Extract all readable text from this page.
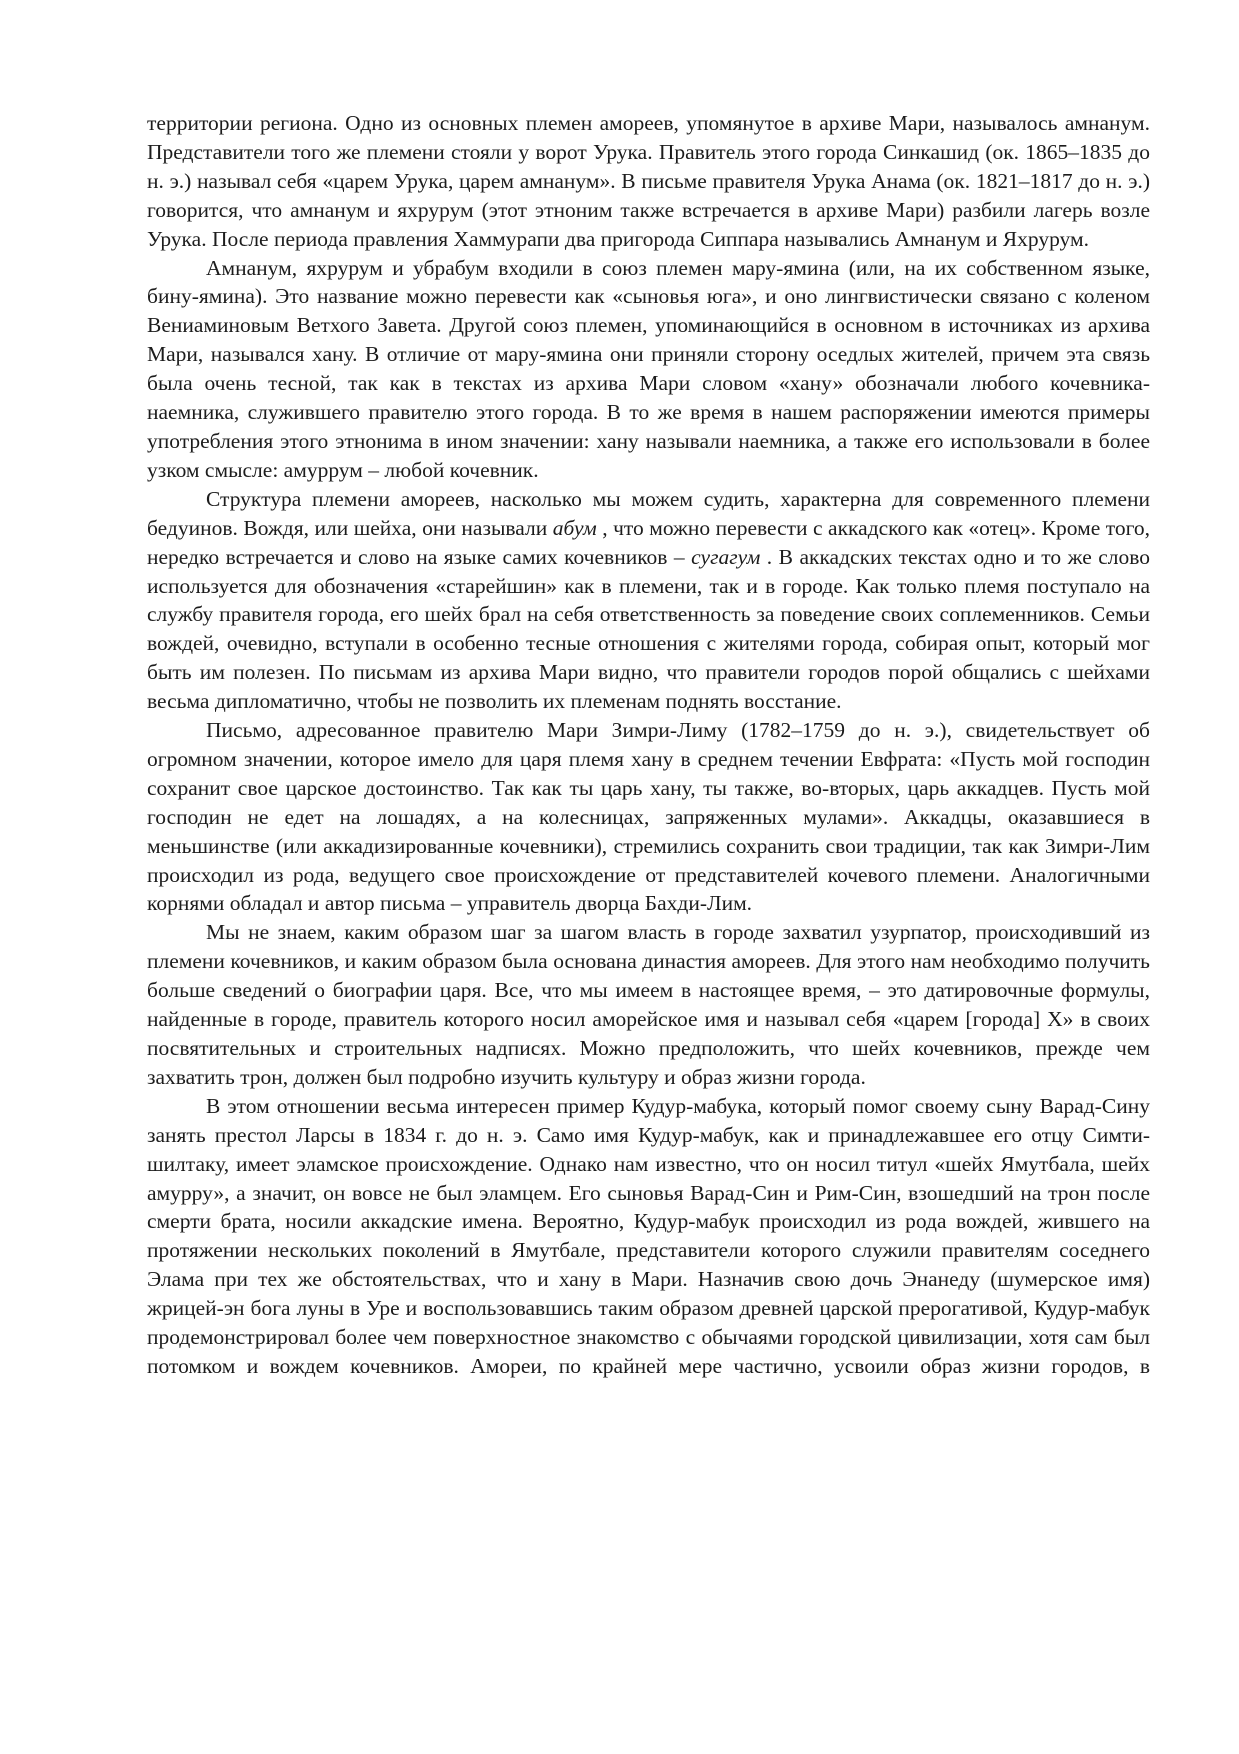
территории региона. Одно из основных племен амореев, упомянутое в архиве Мари, называлось амнанум. Представители того же племени стояли у ворот Урука. Правитель этого города Синкашид (ок. 1865–1835 до н. э.) называл себя «царем Урука, царем амнанум». В письме правителя Урука Анама (ок. 1821–1817 до н. э.) говорится, что амнанум и яхрурум (этот этноним также встречается в архиве Мари) разбили лагерь возле Урука. После периода правления Хаммурапи два пригорода Сиппара назывались Амнанум и Яхрурум.

Амнанум, яхрурум и убрабум входили в союз племен мару-ямина (или, на их собственном языке, бину-ямина). Это название можно перевести как «сыновья юга», и оно лингвистически связано с коленом Вениаминовым Ветхого Завета. Другой союз племен, упоминающийся в основном в источниках из архива Мари, назывался хану. В отличие от мару-ямина они приняли сторону оседлых жителей, причем эта связь была очень тесной, так как в текстах из архива Мари словом «хану» обозначали любого кочевника-наемника, служившего правителю этого города. В то же время в нашем распоряжении имеются примеры употребления этого этнонима в ином значении: хану называли наемника, а также его использовали в более узком смысле: амуррум – любой кочевник.

Структура племени амореев, насколько мы можем судить, характерна для современного племени бедуинов. Вождя, или шейха, они называли абум , что можно перевести с аккадского как «отец». Кроме того, нередко встречается и слово на языке самих кочевников – сугагум . В аккадских текстах одно и то же слово используется для обозначения «старейшин» как в племени, так и в городе. Как только племя поступало на службу правителя города, его шейх брал на себя ответственность за поведение своих соплеменников. Семьи вождей, очевидно, вступали в особенно тесные отношения с жителями города, собирая опыт, который мог быть им полезен. По письмам из архива Мари видно, что правители городов порой общались с шейхами весьма дипломатично, чтобы не позволить их племенам поднять восстание.

Письмо, адресованное правителю Мари Зимри-Лиму (1782–1759 до н. э.), свидетельствует об огромном значении, которое имело для царя племя хану в среднем течении Евфрата: «Пусть мой господин сохранит свое царское достоинство. Так как ты царь хану, ты также, во-вторых, царь аккадцев. Пусть мой господин не едет на лошадях, а на колесницах, запряженных мулами». Аккадцы, оказавшиеся в меньшинстве (или аккадизированные кочевники), стремились сохранить свои традиции, так как Зимри-Лим происходил из рода, ведущего свое происхождение от представителей кочевого племени. Аналогичными корнями обладал и автор письма – управитель дворца Бахди-Лим.

Мы не знаем, каким образом шаг за шагом власть в городе захватил узурпатор, происходивший из племени кочевников, и каким образом была основана династия амореев. Для этого нам необходимо получить больше сведений о биографии царя. Все, что мы имеем в настоящее время, – это датировочные формулы, найденные в городе, правитель которого носил аморейское имя и называл себя «царем [города] X» в своих посвятительных и строительных надписях. Можно предположить, что шейх кочевников, прежде чем захватить трон, должен был подробно изучить культуру и образ жизни города.

В этом отношении весьма интересен пример Кудур-мабука, который помог своему сыну Варад-Сину занять престол Ларсы в 1834 г. до н. э. Само имя Кудур-мабук, как и принадлежавшее его отцу Симти-шилтаку, имеет эламское происхождение. Однако нам известно, что он носил титул «шейх Ямутбала, шейх амурру», а значит, он вовсе не был эламцем. Его сыновья Варад-Син и Рим-Син, взошедший на трон после смерти брата, носили аккадские имена. Вероятно, Кудур-мабук происходил из рода вождей, жившего на протяжении нескольких поколений в Ямутбале, представители которого служили правителям соседнего Элама при тех же обстоятельствах, что и хану в Мари. Назначив свою дочь Энанеду (шумерское имя) жрицей-эн бога луны в Уре и воспользовавшись таким образом древней царской прерогативой, Кудур-мабук продемонстрировал более чем поверхностное знакомство с обычаями городской цивилизации, хотя сам был потомком и вождем кочевников. Амореи, по крайней мере частично, усвоили образ жизни городов, в
